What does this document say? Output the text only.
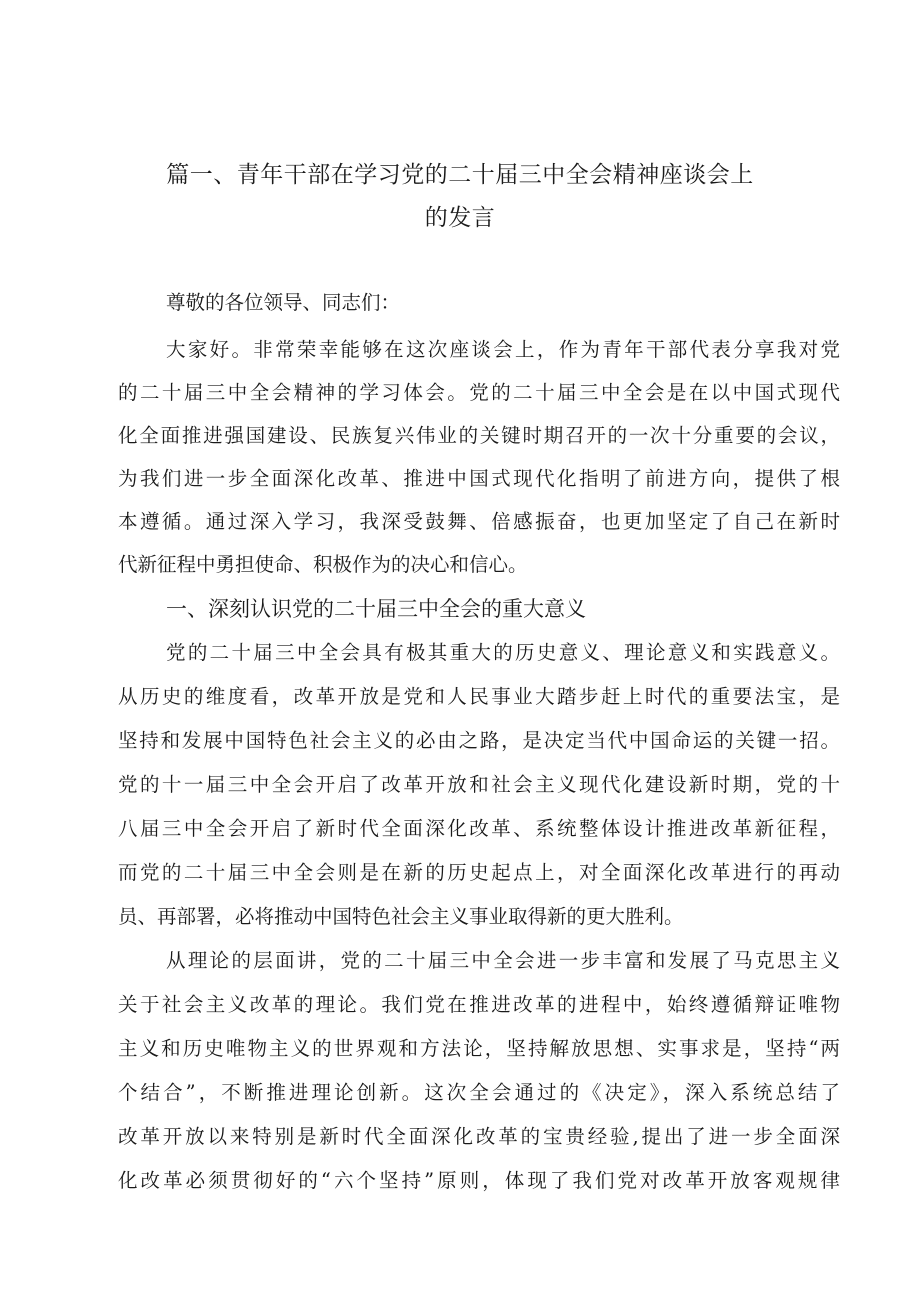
篇一、青年干部在学习党的二十届三中全会精神座谈会上
的发言
尊敬的各位领导、同志们：
大家好。非常荣幸能够在这次座谈会上，作为青年干部代表分享我对党
的二十届三中全会精神的学习体会。党的二十届三中全会是在以中国式现代
化全面推进强国建设、民族复兴伟业的关键时期召开的一次十分重要的会议，
为我们进一步全面深化改革、推进中国式现代化指明了前进方向，提供了根
本遵循。通过深入学习，我深受鼓舞、倍感振奋，也更加坚定了自己在新时
代新征程中勇担使命、积极作为的决心和信心。
一、深刻认识党的二十届三中全会的重大意义
党的二十届三中全会具有极其重大的历史意义、理论意义和实践意义。
从历史的维度看，改革开放是党和人民事业大踏步赶上时代的重要法宝，是
坚持和发展中国特色社会主义的必由之路，是决定当代中国命运的关键一招。
党的十一届三中全会开启了改革开放和社会主义现代化建设新时期，党的十
八届三中全会开启了新时代全面深化改革、系统整体设计推进改革新征程，
而党的二十届三中全会则是在新的历史起点上，对全面深化改革进行的再动
员、再部署，必将推动中国特色社会主义事业取得新的更大胜利。
从理论的层面讲，党的二十届三中全会进一步丰富和发展了马克思主义
关于社会主义改革的理论。我们党在推进改革的进程中，始终遵循辩证唯物
主义和历史唯物主义的世界观和方法论，坚持解放思想、实事求是，坚持“两
个结合”，不断推进理论创新。这次全会通过的《决定》，深入系统总结了
改革开放以来特别是新时代全面深化改革的宝贵经验,提出了进一步全面深
化改革必须贯彻好的“六个坚持”原则，体现了我们党对改革开放客观规律
